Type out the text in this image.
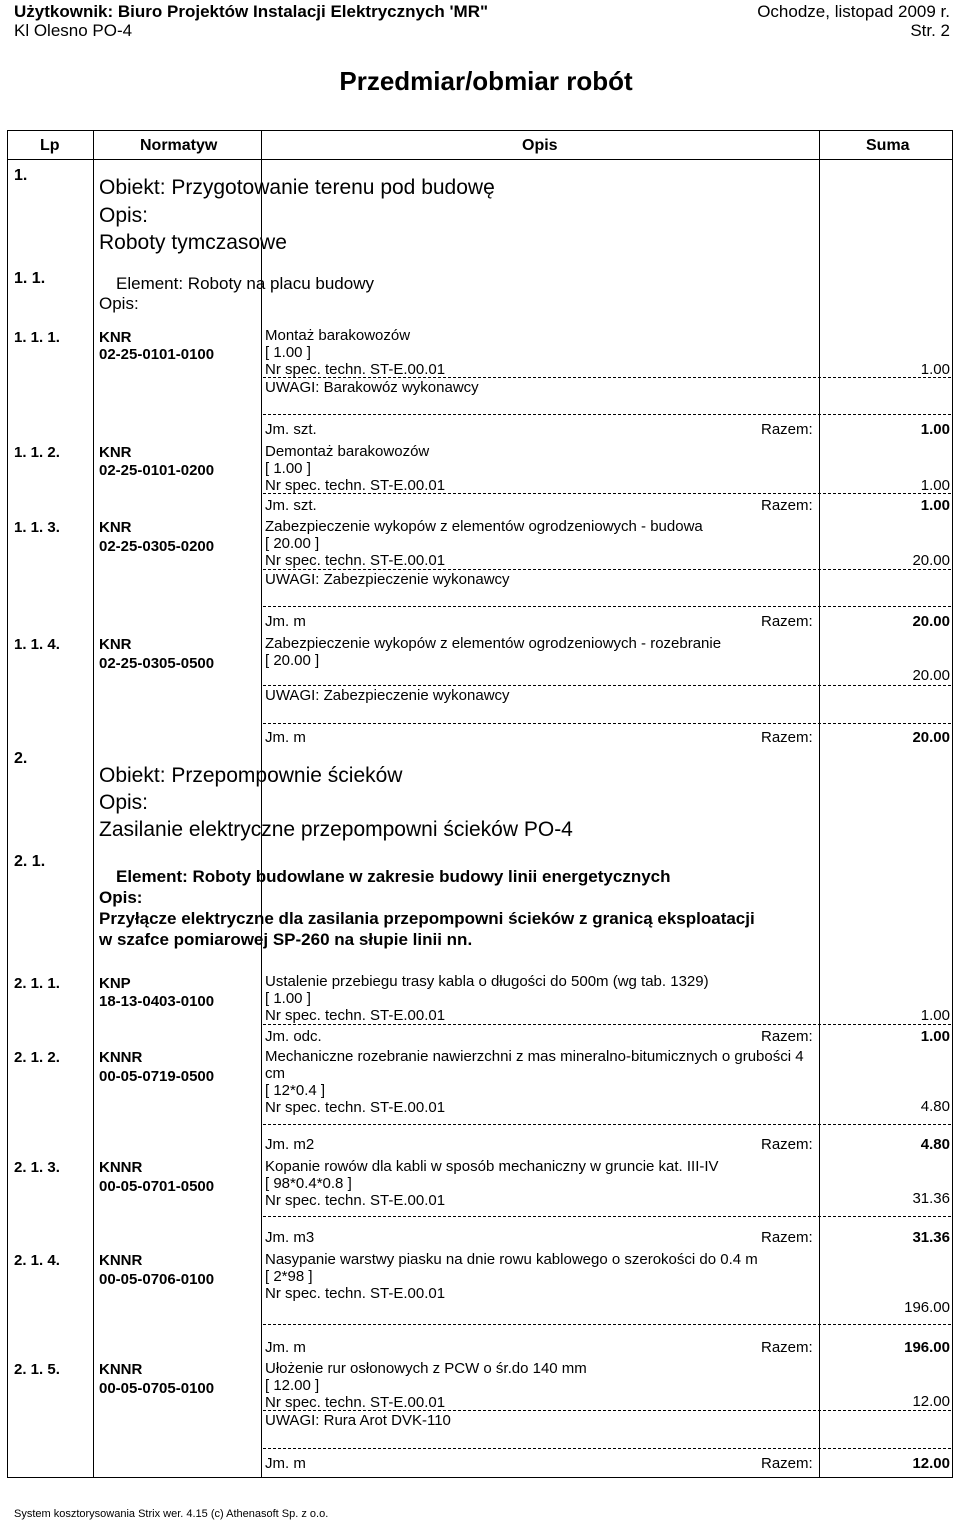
Użytkownik: Biuro Projektów Instalacji Elektrycznych 'MR"
Kl Olesno PO-4
Ochodze, listopad 2009 r.
Str. 2
Przedmiar/obmiar robót
Lp	Normatyw	Opis	Suma
1.
Obiekt: Przygotowanie terenu pod budowę
Opis:
Roboty tymczasowe
1. 1.	Element: Roboty na placu budowy
Opis:
1. 1. 1.	KNR
02-25-0101-0100
Montaż barakowozów
[ 1.00 ]
Nr spec. techn. ST-E.00.01	1.00
UWAGI: Barakowóz wykonawcy
Jm. szt.	Razem:	1.00
1. 1. 2.	KNR
02-25-0101-0200
Demontaż barakowozów
[ 1.00 ]
Nr spec. techn. ST-E.00.01	1.00
Jm. szt.	Razem:	1.00
1. 1. 3.	KNR
02-25-0305-0200
Zabezpieczenie wykopów z elementów ogrodzeniowych - budowa
[ 20.00 ]
Nr spec. techn. ST-E.00.01	20.00
UWAGI: Zabezpieczenie wykonawcy
Jm. m	Razem:	20.00
1. 1. 4.	KNR
02-25-0305-0500
Zabezpieczenie wykopów z elementów ogrodzeniowych - rozebranie
[ 20.00 ]
20.00
UWAGI: Zabezpieczenie wykonawcy
Jm. m	Razem:	20.00
2.
Obiekt: Przepompownie ścieków
Opis:
Zasilanie elektryczne przepompowni ścieków PO-4
2. 1.
Element: Roboty budowlane w zakresie budowy linii energetycznych
Opis:
Przyłącze elektryczne dla zasilania przepompowni ścieków z granicą eksploatacji
w szafce pomiarowej SP-260 na słupie linii nn.
2. 1. 1.	KNP
18-13-0403-0100
Ustalenie przebiegu trasy kabla o długości do 500m (wg tab. 1329)
[ 1.00 ]
Nr spec. techn. ST-E.00.01	1.00
Jm. odc.	Razem:	1.00
2. 1. 2.	KNNR
00-05-0719-0500
Mechaniczne rozebranie nawierzchni z mas mineralno-bitumicznych o grubości 4
cm
[ 12*0.4 ]
Nr spec. techn. ST-E.00.01	4.80
Jm. m2	Razem:	4.80
2. 1. 3.	KNNR
00-05-0701-0500
Kopanie rowów dla kabli w sposób mechaniczny w gruncie kat. III-IV
[ 98*0.4*0.8 ]
Nr spec. techn. ST-E.00.01	31.36
Jm. m3	Razem:	31.36
2. 1. 4.	KNNR
00-05-0706-0100
Nasypanie warstwy piasku na dnie rowu kablowego o szerokości do 0.4 m
[ 2*98 ]
Nr spec. techn. ST-E.00.01
196.00
Jm. m	Razem:	196.00
2. 1. 5.	KNNR
00-05-0705-0100
Ułożenie rur osłonowych z PCW o śr.do 140 mm
[ 12.00 ]
Nr spec. techn. ST-E.00.01	12.00
UWAGI: Rura Arot DVK-110
Jm. m	Razem:	12.00
System kosztorysowania Strix wer. 4.15 (c) Athenasoft Sp. z o.o.
